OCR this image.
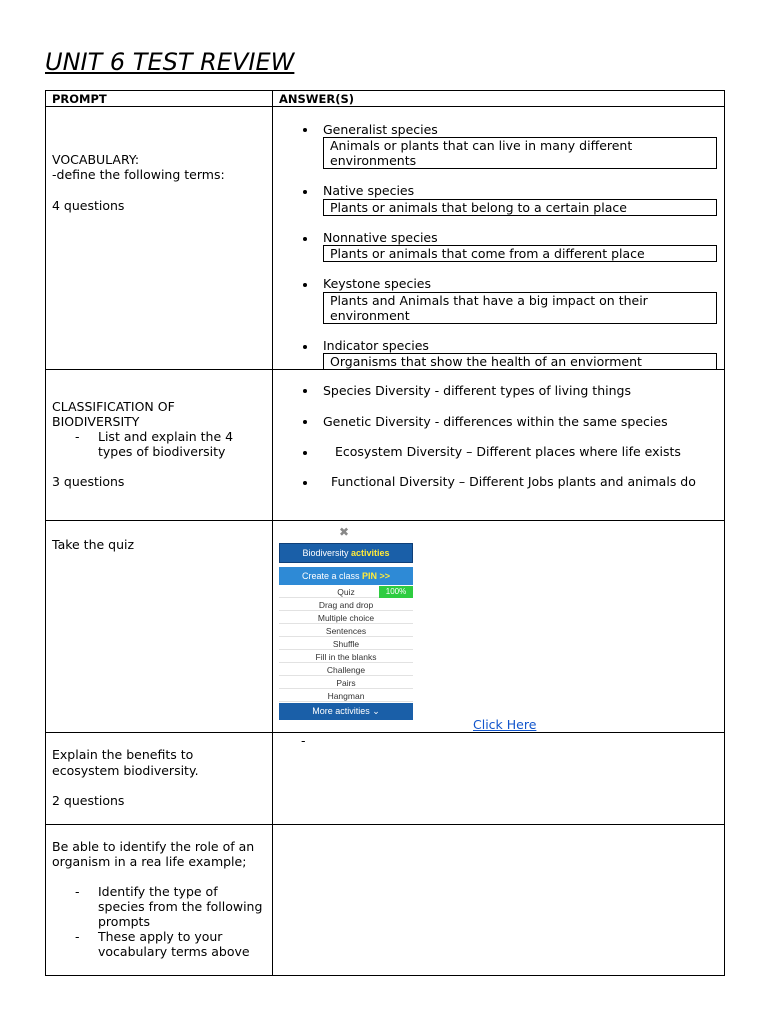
UNIT 6 TEST REVIEW
PROMPT	ANSWER(S)
VOCABULARY:
-define the following terms:
4 questions
Generalist species
Animals or plants that can live in many different
environments
Native species
Plants or animals that belong to a certain place
Nonnative species
Plants or animals that come from a different place
Keystone species
Plants and Animals that have a big impact on their
environment
Indicator species
Organisms that show the health of an enviorment
CLASSIFICATION OF
BIODIVERSITY
- List and explain the 4
types of biodiversity
3 questions
Species Diversity - different types of living things
Genetic Diversity - differences within the same species
Ecosystem Diversity – Different places where life exists
Functional Diversity – Different Jobs plants and animals do
Take the quiz
✖
Biodiversity activities
Create a class PIN >>
Quiz	100%
Drag and drop
Multiple choice
Sentences
Shuffle
Fill in the blanks
Challenge
Pairs
Hangman
More activities ⌄
Click Here
Explain the benefits to
ecosystem biodiversity.
2 questions
-
Be able to identify the role of an
organism in a rea life example;
- Identify the type of
species from the following
prompts
- These apply to your
vocabulary terms above
